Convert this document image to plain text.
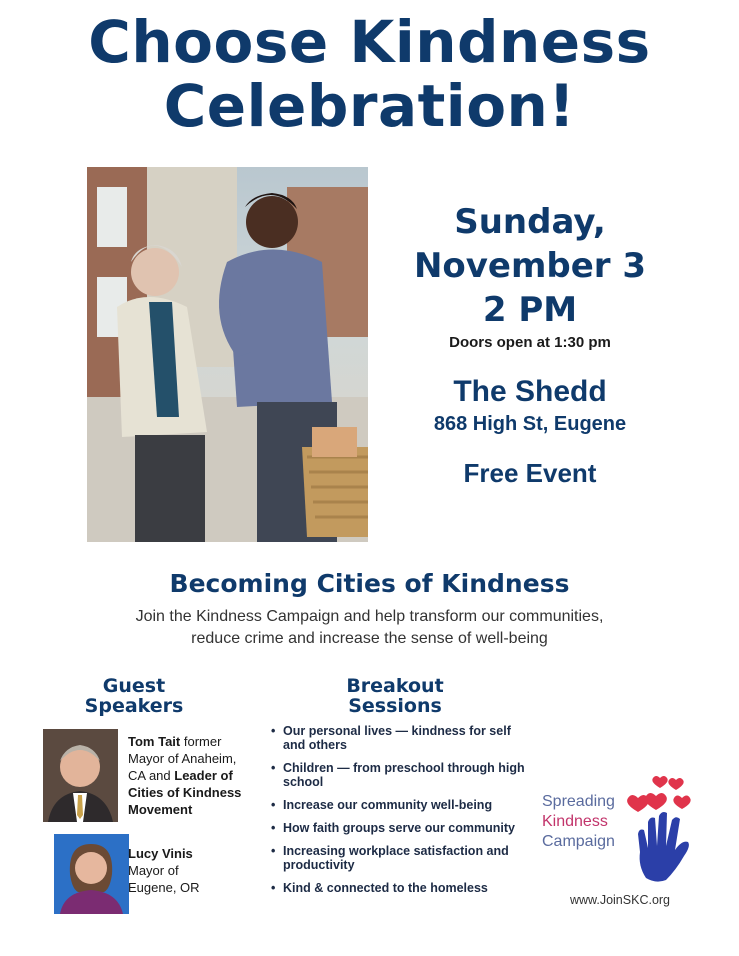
Choose Kindness
Celebration!
Sunday,
November 3
2 PM
Doors open at 1:30 pm
The Shedd
868 High St, Eugene
Free Event
Becoming Cities of Kindness
Join the Kindness Campaign and help transform our communities,
reduce crime and increase the sense of well-being
Guest
Speakers
Breakout
Sessions
Tom Tait former Mayor of Anaheim, CA and Leader of Cities of Kindness Movement
Lucy Vinis
Mayor of
Eugene, OR
• Our personal lives — kindness for self and others
• Children — from preschool through high school
• Increase our community well-being
• How faith groups serve our community
• Increasing workplace satisfaction and productivity
• Kind & connected to the homeless
Spreading
Kindness
Campaign
www.JoinSKC.org
